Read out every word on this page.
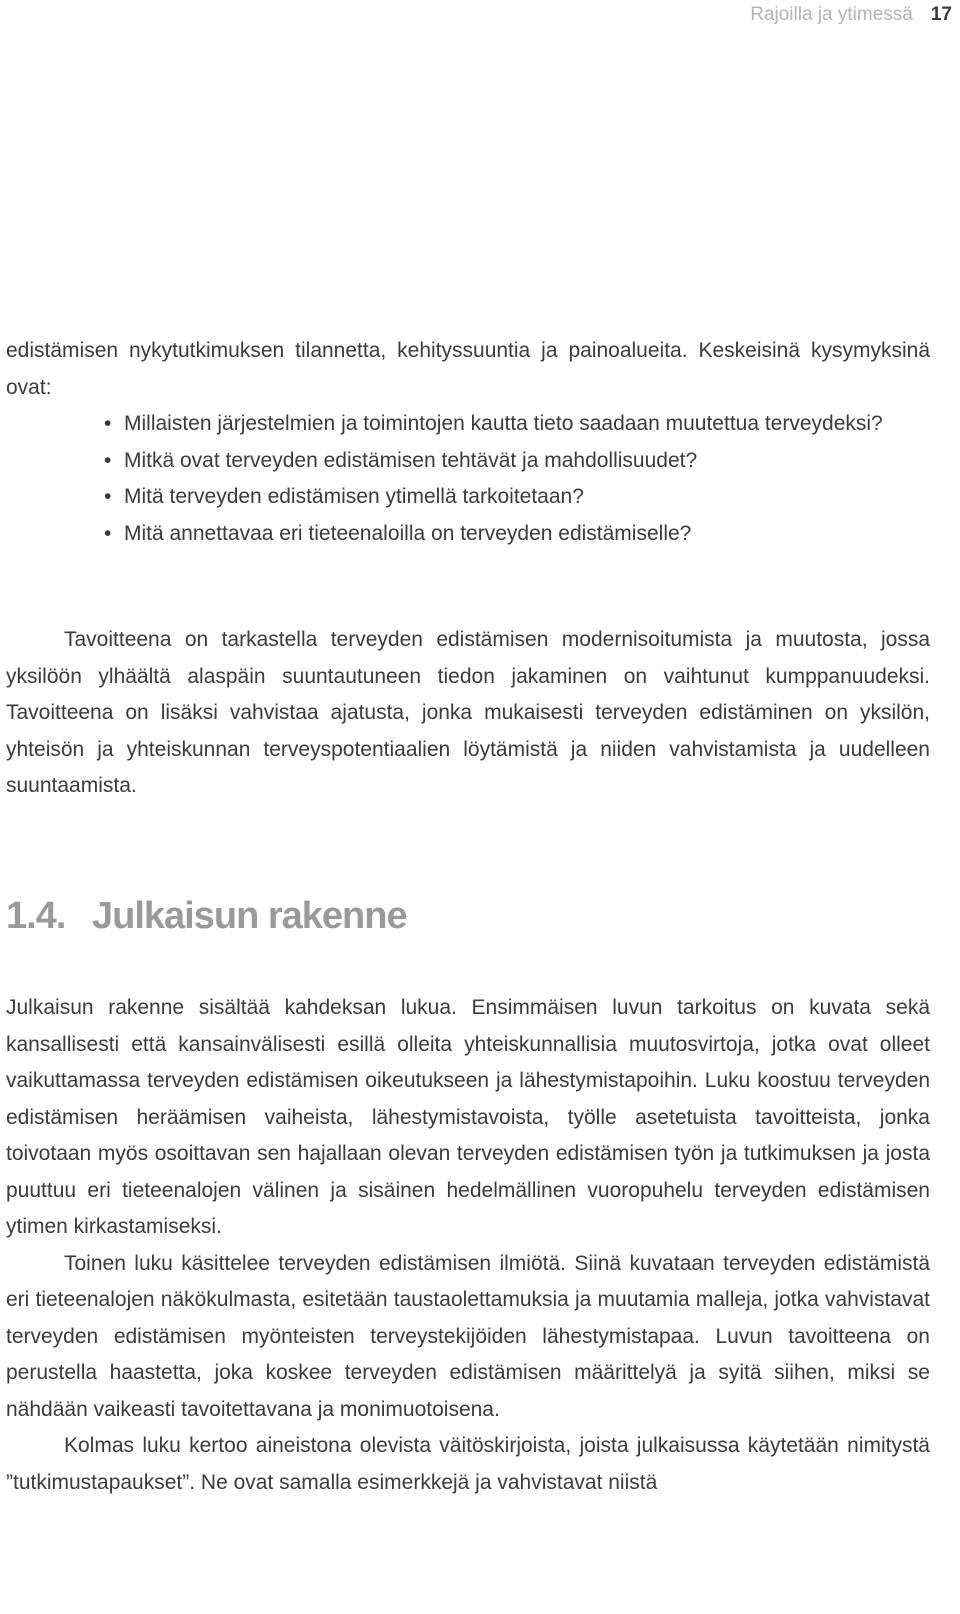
Rajoilla ja ytimessä 17

edistämisen nykytutkimuksen tilannetta, kehityssuuntia ja painoalueita. Keskeisinä kysymyksinä ovat:

• Millaisten järjestelmien ja toimintojen kautta tieto saadaan muutettua terveydeksi?
• Mitkä ovat terveyden edistämisen tehtävät ja mahdollisuudet?
• Mitä terveyden edistämisen ytimellä tarkoitetaan?
• Mitä annettavaa eri tieteenaloilla on terveyden edistämiselle?

Tavoitteena on tarkastella terveyden edistämisen modernisoitumista ja muutosta, jossa yksilöön ylhäältä alaspäin suuntautuneen tiedon jakaminen on vaihtunut kumppanuudeksi. Tavoitteena on lisäksi vahvistaa ajatusta, jonka mukaisesti terveyden edistäminen on yksilön, yhteisön ja yhteiskunnan terveyspotentiaalien löytämistä ja niiden vahvistamista ja uudelleen suuntaamista.

1.4. Julkaisun rakenne

Julkaisun rakenne sisältää kahdeksan lukua. Ensimmäisen luvun tarkoitus on kuvata sekä kansallisesti että kansainvälisesti esillä olleita yhteiskunnallisia muutosvirtoja, jotka ovat olleet vaikuttamassa terveyden edistämisen oikeutukseen ja lähestymistapoihin. Luku koostuu terveyden edistämisen heräämisen vaiheista, lähestymistavoista, työlle asetetuista tavoitteista, jonka toivotaan myös osoittavan sen hajallaan olevan terveyden edistämisen työn ja tutkimuksen ja josta puuttuu eri tieteenalojen välinen ja sisäinen hedelmällinen vuoropuhelu terveyden edistämisen ytimen kirkastamiseksi.

Toinen luku käsittelee terveyden edistämisen ilmiötä. Siinä kuvataan terveyden edistämistä eri tieteenalojen näkökulmasta, esitetään taustaolettamuksia ja muutamia malleja, jotka vahvistavat terveyden edistämisen myönteisten terveystekijöiden lähestymistapaa. Luvun tavoitteena on perustella haastetta, joka koskee terveyden edistämisen määrittelyä ja syitä siihen, miksi se nähdään vaikeasti tavoitettavana ja monimuotoisena.

Kolmas luku kertoo aineistona olevista väitöskirjoista, joista julkaisussa käytetään nimitystä ”tutkimustapaukset”. Ne ovat samalla esimerkkejä ja vahvistavat niistä
